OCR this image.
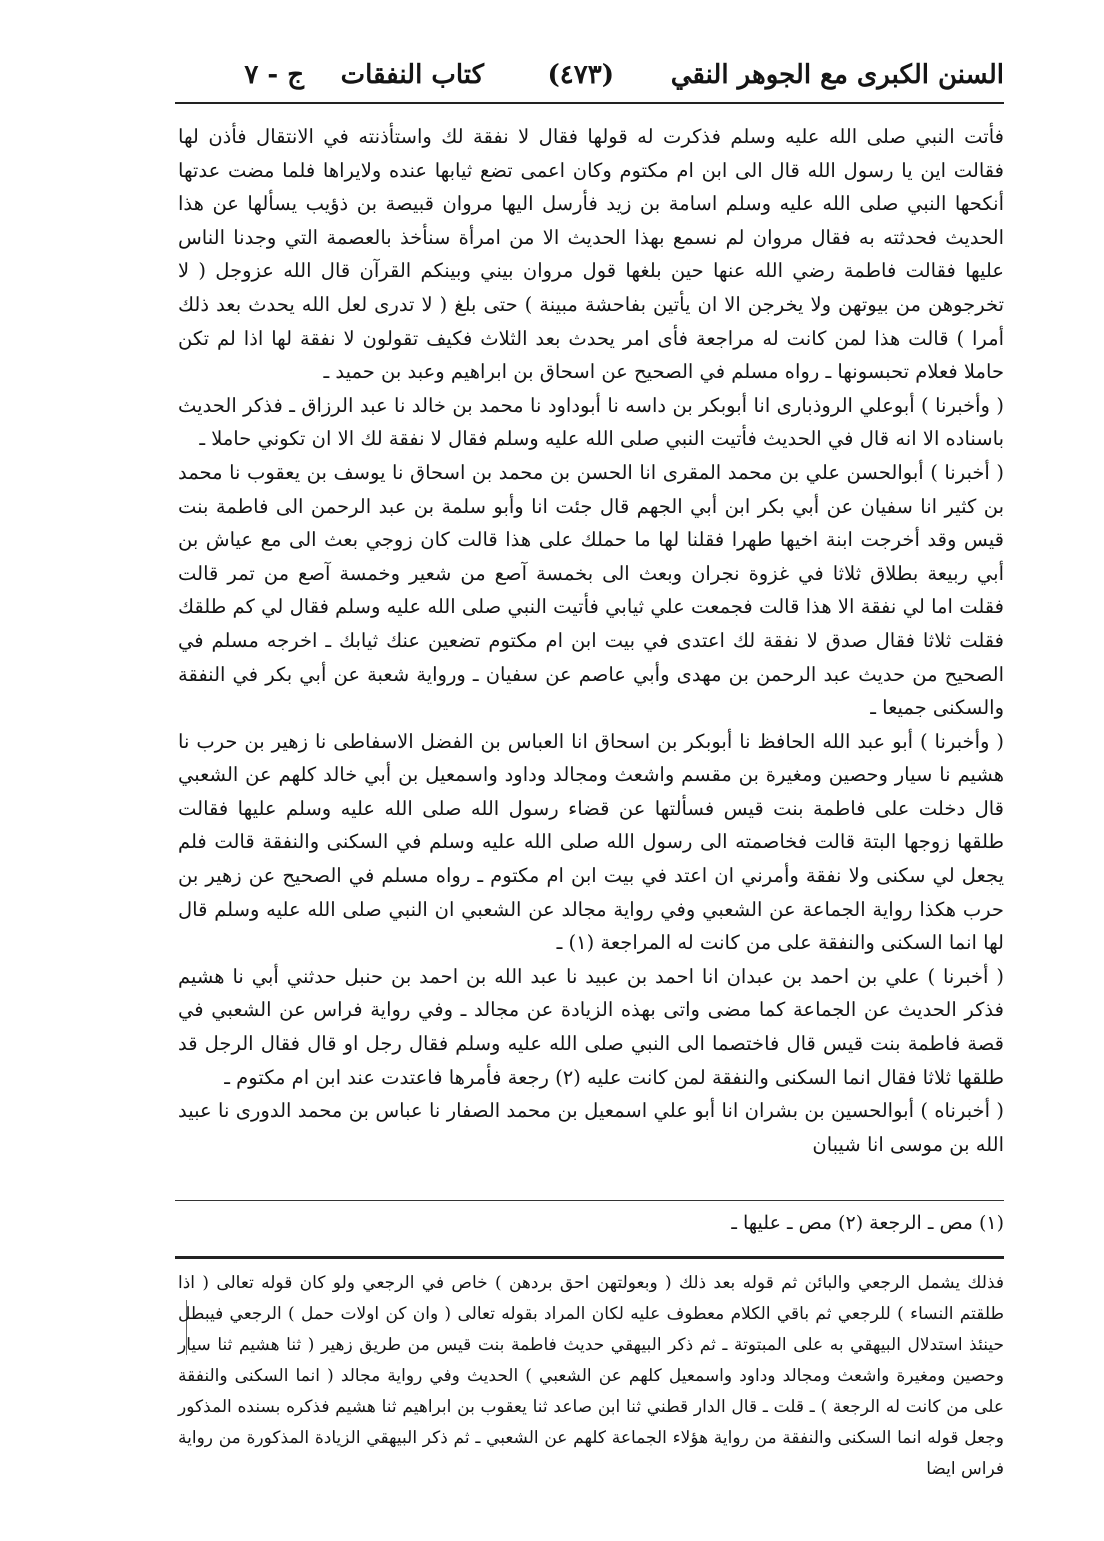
السنن الكبرى مع الجوهر النقي
(٤٧٣)
كتاب النفقات
ج - ٧

فأتت النبي صلى الله عليه وسلم فذكرت له قولها فقال لا نفقة لك واستأذنته في الانتقال فأذن لها فقالت اين يا رسول الله قال الى ابن ام مكتوم وكان اعمى تضع ثيابها عنده ولايراها فلما مضت عدتها أنكحها النبي صلى الله عليه وسلم اسامة بن زيد فأرسل اليها مروان قبيصة بن ذؤيب يسألها عن هذا الحديث فحدثته به فقال مروان لم نسمع بهذا الحديث الا من امرأة سنأخذ بالعصمة التي وجدنا الناس عليها فقالت فاطمة رضي الله عنها حين بلغها قول مروان بيني وبينكم القرآن قال الله عزوجل ( لا تخرجوهن من بيوتهن ولا يخرجن الا ان يأتين بفاحشة مبينة ) حتى بلغ ( لا تدرى لعل الله يحدث بعد ذلك أمرا ) قالت هذا لمن كانت له مراجعة فأى امر يحدث بعد الثلاث فكيف تقولون لا نفقة لها اذا لم تكن حاملا فعلام تحبسونها ـ رواه مسلم في الصحيح عن اسحاق بن ابراهيم وعبد بن حميد ـ

( وأخبرنا ) أبوعلي الروذبارى انا أبوبكر بن داسه نا أبوداود نا محمد بن خالد نا عبد الرزاق ـ فذكر الحديث باسناده الا انه قال في الحديث فأتيت النبي صلى الله عليه وسلم فقال لا نفقة لك الا ان تكوني حاملا ـ

( أخبرنا ) أبوالحسن علي بن محمد المقرى انا الحسن بن محمد بن اسحاق نا يوسف بن يعقوب نا محمد بن كثير انا سفيان عن أبي بكر ابن أبي الجهم قال جئت انا وأبو سلمة بن عبد الرحمن الى فاطمة بنت قيس وقد أخرجت ابنة اخيها طهرا فقلنا لها ما حملك على هذا قالت كان زوجي بعث الى مع عياش بن أبي ربيعة بطلاق ثلاثا في غزوة نجران وبعث الى بخمسة آصع من شعير وخمسة آصع من تمر قالت فقلت اما لي نفقة الا هذا قالت فجمعت علي ثيابي فأتيت النبي صلى الله عليه وسلم فقال لي كم طلقك فقلت ثلاثا فقال صدق لا نفقة لك اعتدى في بيت ابن ام مكتوم تضعين عنك ثيابك ـ اخرجه مسلم في الصحيح من حديث عبد الرحمن بن مهدى وأبي عاصم عن سفيان ـ ورواية شعبة عن أبي بكر في النفقة والسكنى جميعا ـ

( وأخبرنا ) أبو عبد الله الحافظ نا أبوبكر بن اسحاق انا العباس بن الفضل الاسفاطى نا زهير بن حرب نا هشيم نا سيار وحصين ومغيرة بن مقسم واشعث ومجالد وداود واسمعيل بن أبي خالد كلهم عن الشعبي قال دخلت على فاطمة بنت قيس فسألتها عن قضاء رسول الله صلى الله عليه وسلم عليها فقالت طلقها زوجها البتة قالت فخاصمته الى رسول الله صلى الله عليه وسلم في السكنى والنفقة قالت فلم يجعل لي سكنى ولا نفقة وأمرني ان اعتد في بيت ابن ام مكتوم ـ رواه مسلم في الصحيح عن زهير بن حرب هكذا رواية الجماعة عن الشعبي وفي رواية مجالد عن الشعبي ان النبي صلى الله عليه وسلم قال لها انما السكنى والنفقة على من كانت له المراجعة (١) ـ

( أخبرنا ) علي بن احمد بن عبدان انا احمد بن عبيد نا عبد الله بن احمد بن حنبل حدثني أبي نا هشيم فذكر الحديث عن الجماعة كما مضى واتى بهذه الزيادة عن مجالد ـ وفي رواية فراس عن الشعبي في قصة فاطمة بنت قيس قال فاختصما الى النبي صلى الله عليه وسلم فقال رجل او قال فقال الرجل قد طلقها ثلاثا فقال انما السكنى والنفقة لمن كانت عليه (٢) رجعة فأمرها فاعتدت عند ابن ام مكتوم ـ

( أخبرناه ) أبوالحسين بن بشران انا أبو علي اسمعيل بن محمد الصفار نا عباس بن محمد الدورى نا عبيد الله بن موسى انا شيبان

(١) مص ـ الرجعة (٢) مص ـ عليها ـ

فذلك يشمل الرجعي والبائن ثم قوله بعد ذلك ( وبعولتهن احق بردهن ) خاص في الرجعي ولو كان قوله تعالى ( اذا طلقتم النساء ) للرجعي ثم باقي الكلام معطوف عليه لكان المراد بقوله تعالى ( وان كن اولات حمل ) الرجعي فيبطل حينئذ استدلال البيهقي به على المبتوتة ـ ثم ذكر البيهقي حديث فاطمة بنت قيس من طريق زهير ( ثنا هشيم ثنا سيار وحصين ومغيرة واشعث ومجالد وداود واسمعيل كلهم عن الشعبي ) الحديث وفي رواية مجالد ( انما السكنى والنفقة على من كانت له الرجعة ) ـ قلت ـ قال الدار قطني ثنا ابن صاعد ثنا يعقوب بن ابراهيم ثنا هشيم فذكره بسنده المذكور وجعل قوله انما السكنى والنفقة من رواية هؤلاء الجماعة كلهم عن الشعبي ـ ثم ذكر البيهقي الزيادة المذكورة من رواية فراس ايضا
